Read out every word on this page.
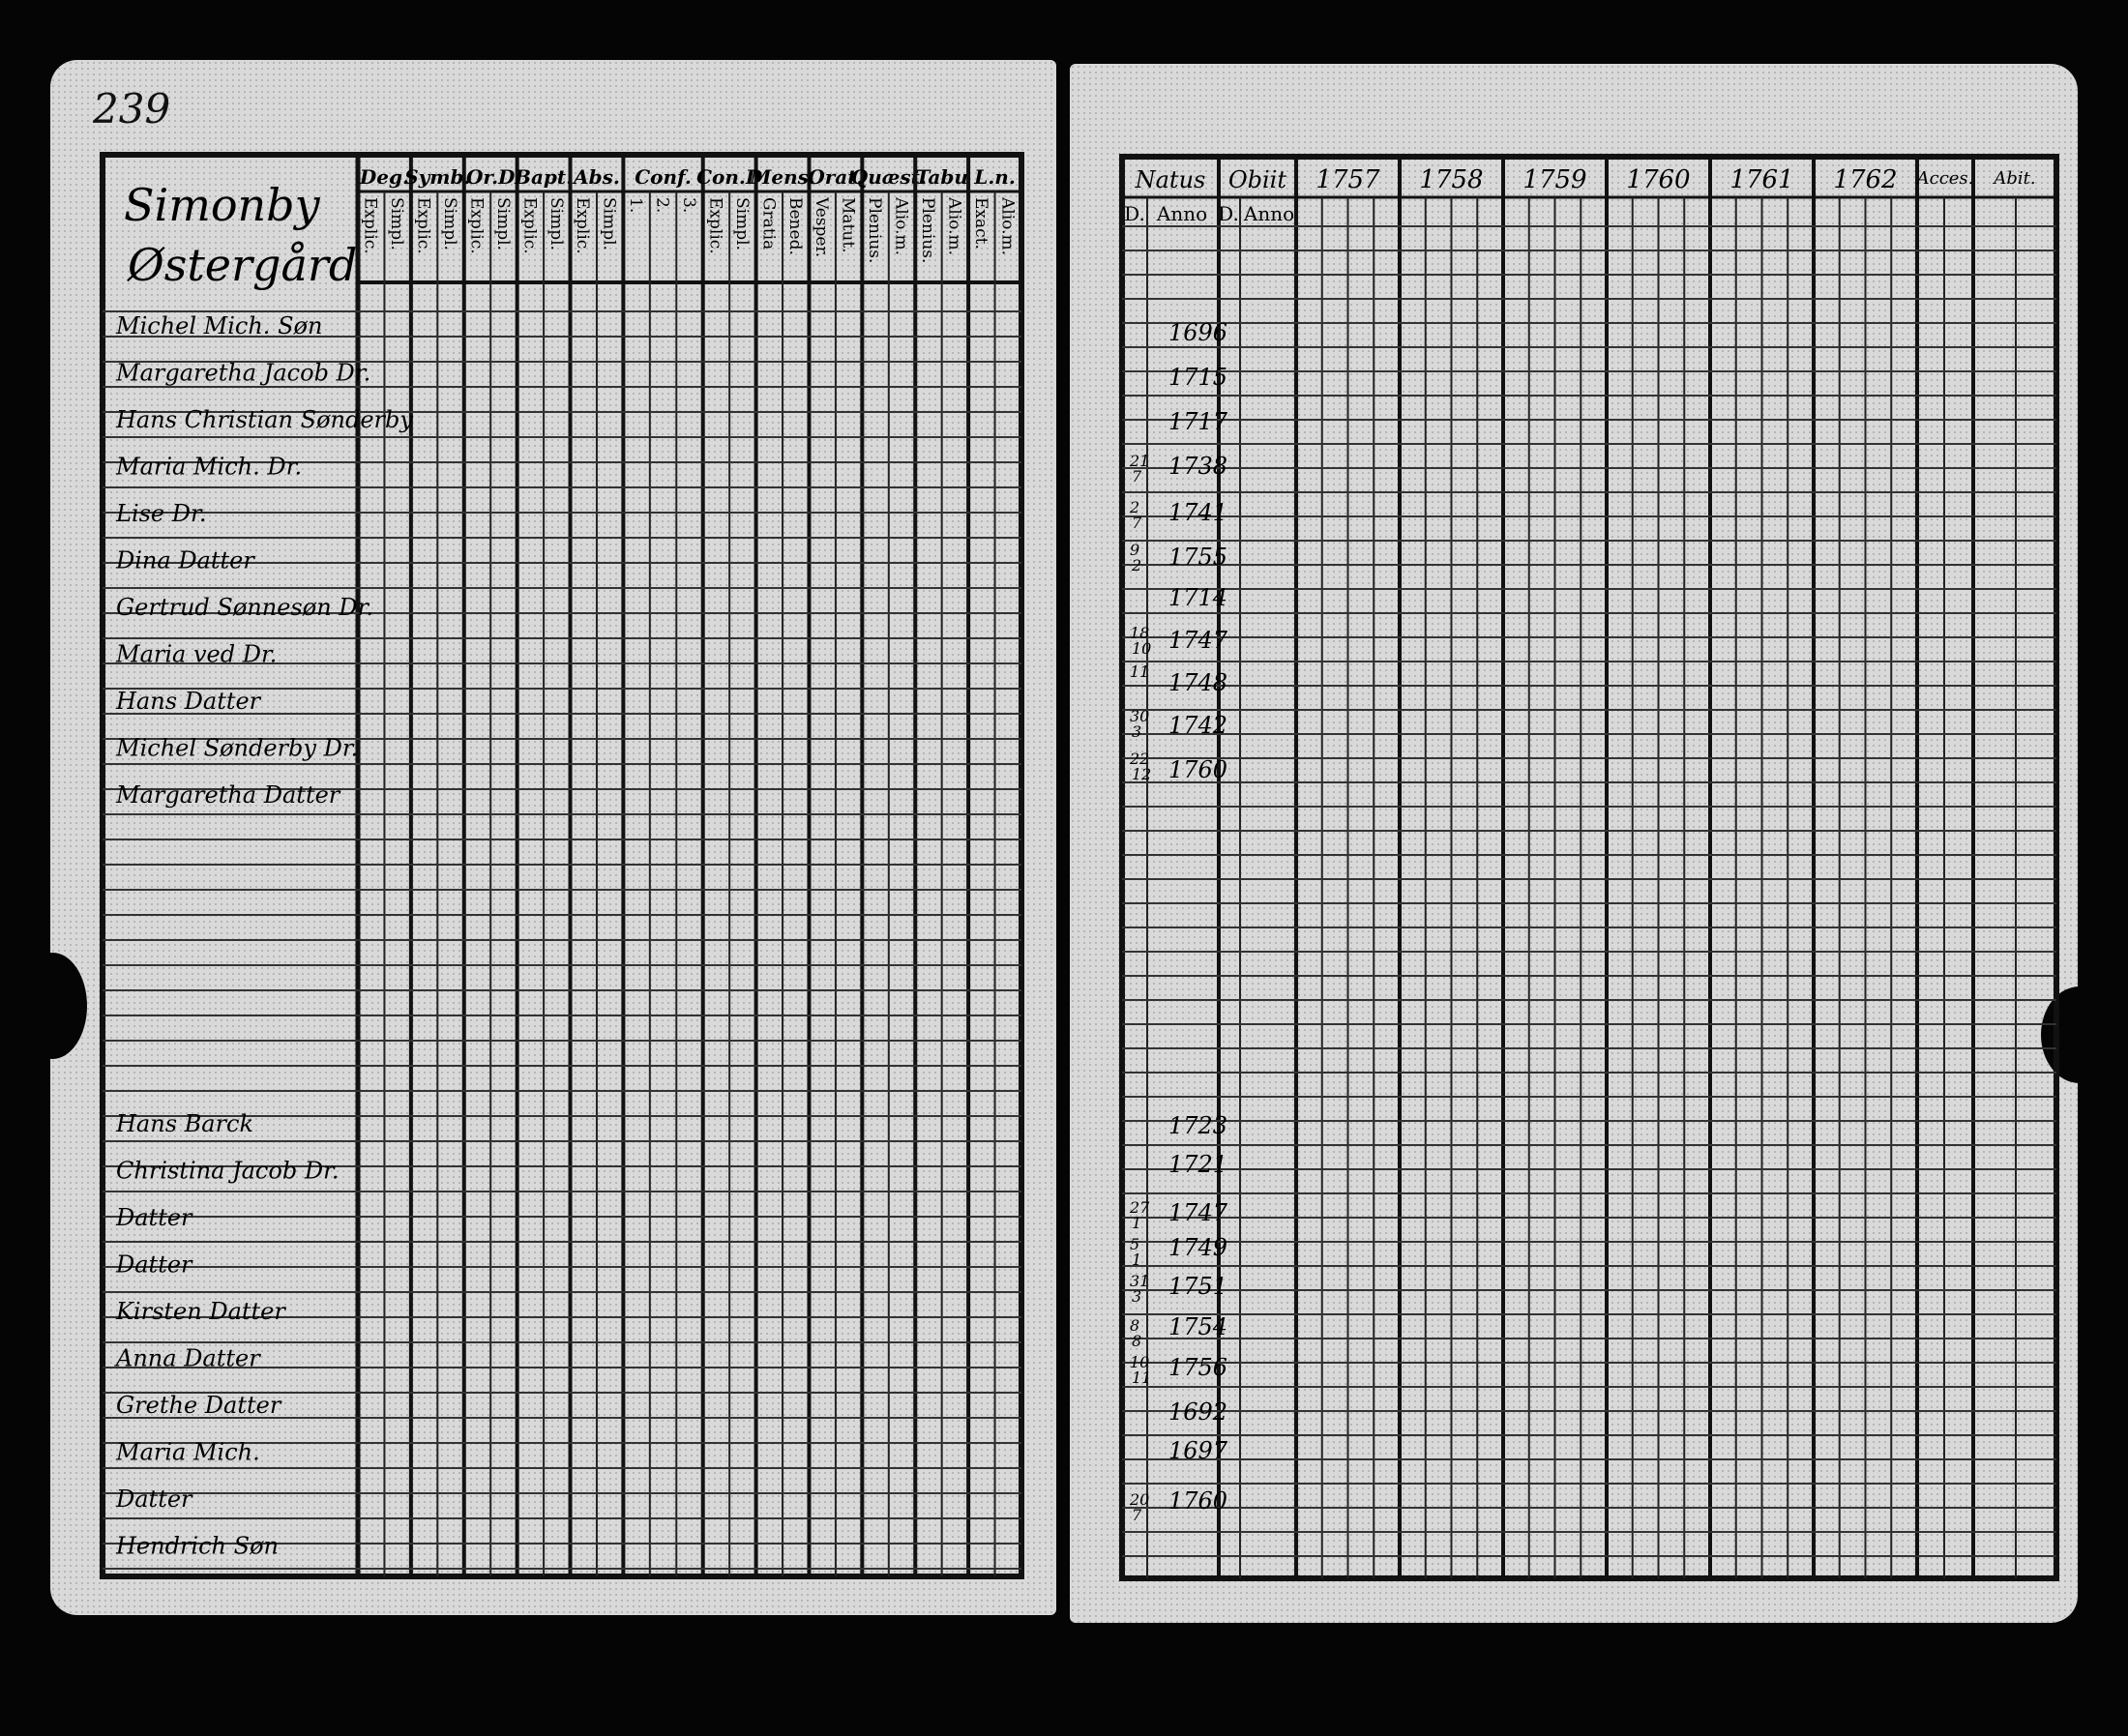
239
Simonby
Østergård
Deg.
Explic. Simpl.
Symb.
Explic. Simpl.
Or.D
Explic. Simpl.
Bapt.
Explic. Simpl.
Abs.
Explic. Simpl.
Conf.
1. 2. 3.
Con.D
Explic. Simpl.
Mens.
Gratia Bened.
Orat.
Vesper. Matut.
Quæst.
Plenius. Alio.m.
Tabu
Plenius. Alio.m.
L.n.
Exact. Alio.m.
Michel Mich. Søn
Margaretha Jacob Dr.
Hans Christian Sønderby
Maria Mich. Dr.
Lise Dr.
Dina Datter
Gertrud Sønnesøn Dr.
Maria ved Dr.
Hans Datter
Michel Sønderby Dr.
Margaretha Datter
Hans Barck
Christina Jacob Dr.
Datter
Datter
Kirsten Datter
Anna Datter
Grethe Datter
Maria Mich.
Datter
Hendrich Søn
Natus Obiit
D. Anno D. Anno
1757 1758 1759 1760 1761 1762 Acces. Abit.
1696
1715
1717
1738
1741
1755
1714
1747
1748
1742
1760
1723
1721
1747
1749
1751
1754
1756
1692
1697
1760
21
7
2
7
9
2
18
10
11
30
3
22
12
27
1
5
1
31
3
8
8
10
11
20
7
